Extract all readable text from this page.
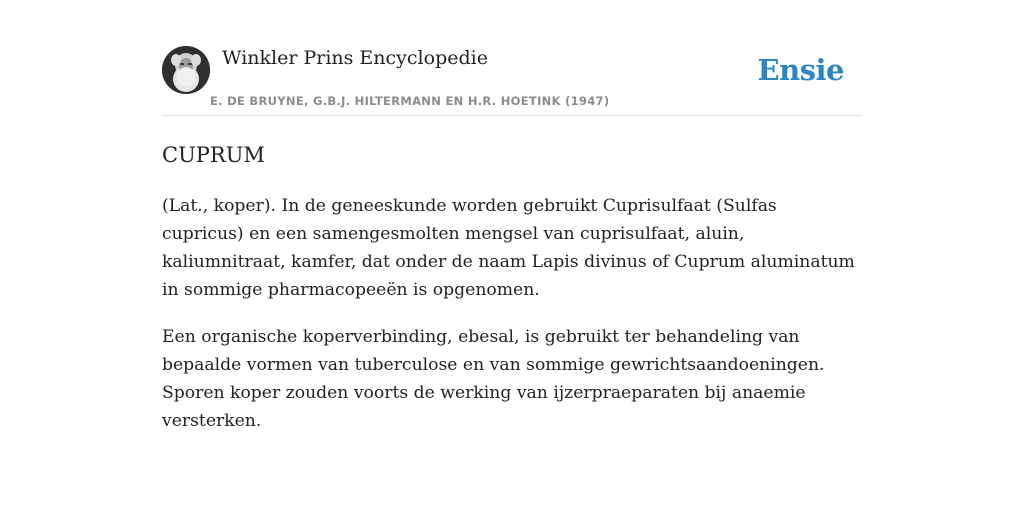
Winkler Prins Encyclopedie
E. DE BRUYNE, G.B.J. HILTERMANN EN H.R. HOETINK (1947)
Ensie
CUPRUM

(Lat., koper). In de geneeskunde worden gebruikt Cuprisulfaat (Sulfas cupricus) en een samengesmolten mengsel van cuprisulfaat, aluin, kaliumnitraat, kamfer, dat onder de naam Lapis divinus of Cuprum aluminatum in sommige pharmacopeeën is opgenomen.

Een organische koperverbinding, ebesal, is gebruikt ter behandeling van bepaalde vormen van tuberculose en van sommige gewrichtsaandoeningen. Sporen koper zouden voorts de werking van ijzerpraeparaten bij anaemie versterken.
